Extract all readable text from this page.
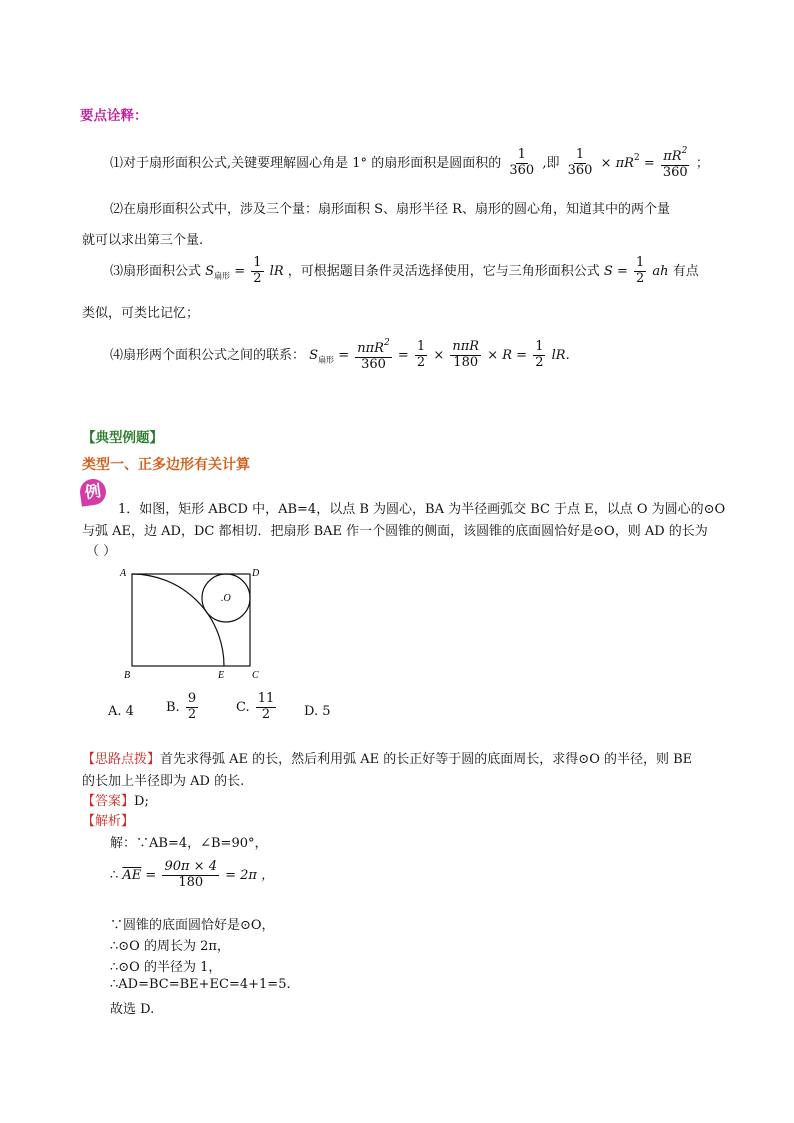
要点诠释：
⑴对于扇形面积公式,关键要理解圆心角是 1° 的扇形面积是圆面积的 $\frac{1}{360}$ ,即 $\frac{1}{360} \times \pi R^2 = \frac{\pi R^2}{360}$ ；
⑵在扇形面积公式中，涉及三个量：扇形面积 S、扇形半径 R、扇形的圆心角，知道其中的两个量
就可以求出第三个量.
⑶扇形面积公式 $S_{扇形} = \frac{1}{2}$ lR ，可根据题目条件灵活选择使用，它与三角形面积公式 $S = \frac{1}{2}$ ah 有点
类似，可类比记忆；
⑷扇形两个面积公式之间的联系： $S_{扇形} = \frac{n\pi R^2}{360} = \frac{1}{2} \times \frac{\text{nπR}}{180} \times R = \frac{1}{2}$ lR.
【典型例题】
类型一、正多边形有关计算
例
1．如图，矩形 ABCD 中，AB=4，以点 B 为圆心，BA 为半径画弧交 BC 于点 E，以点 O 为圆心的⊙O
与弧 AE，边 AD，DC 都相切．把扇形 BAE 作一个圆锥的侧面，该圆锥的底面圆恰好是⊙O，则 AD 的长为
（ ）
A	D
B	E	C
.O
A. 4 B. $\frac{9}{2}$	C. $\frac{11}{2} D$. 5
【思路点拨】首先求得弧 AE 的长，然后利用弧 AE 的长正好等于圆的底面周长，求得⊙O 的半径，则 BE
的长加上半径即为 AD 的长.
【答案】D;
【解析】
解：∵AB=4，∠B=90°，
∴ $\overline{AE} = \frac{90\pi \times 4}{180} = 2\pi$ ，
∵圆锥的底面圆恰好是⊙O，
∴⊙O 的周长为 2π，
∴⊙O 的半径为 1，
∴AD=BC=BE+EC=4+1=5.
故选 D.
